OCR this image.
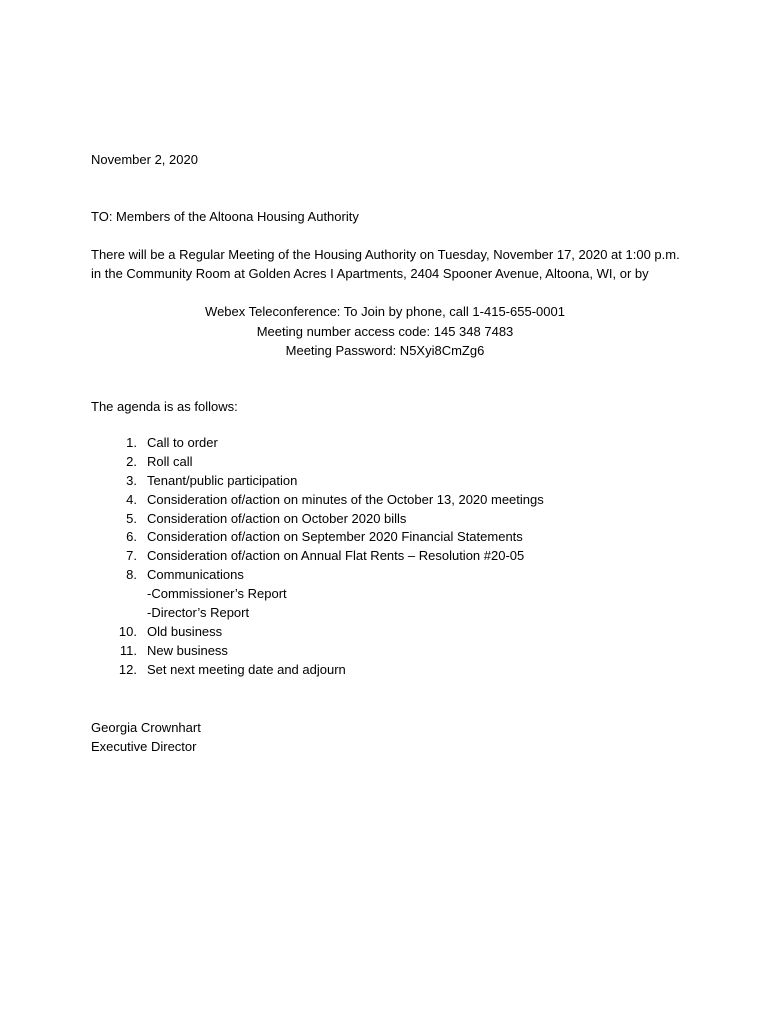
November 2, 2020
TO: Members of the Altoona Housing Authority
There will be a Regular Meeting of the Housing Authority on Tuesday, November 17, 2020 at 1:00 p.m.
in the Community Room at Golden Acres I Apartments, 2404 Spooner Avenue, Altoona, WI, or by
Webex Teleconference: To Join by phone, call 1-415-655-0001
Meeting number access code: 145 348 7483
Meeting Password: N5Xyi8CmZg6
The agenda is as follows:
1. Call to order
2. Roll call
3. Tenant/public participation
4. Consideration of/action on minutes of the October 13, 2020 meetings
5. Consideration of/action on October 2020 bills
6. Consideration of/action on September 2020 Financial Statements
7. Consideration of/action on Annual Flat Rents – Resolution #20-05
8. Communications
-Commissioner’s Report
-Director’s Report
10. Old business
11. New business
12. Set next meeting date and adjourn
Georgia Crownhart
Executive Director
